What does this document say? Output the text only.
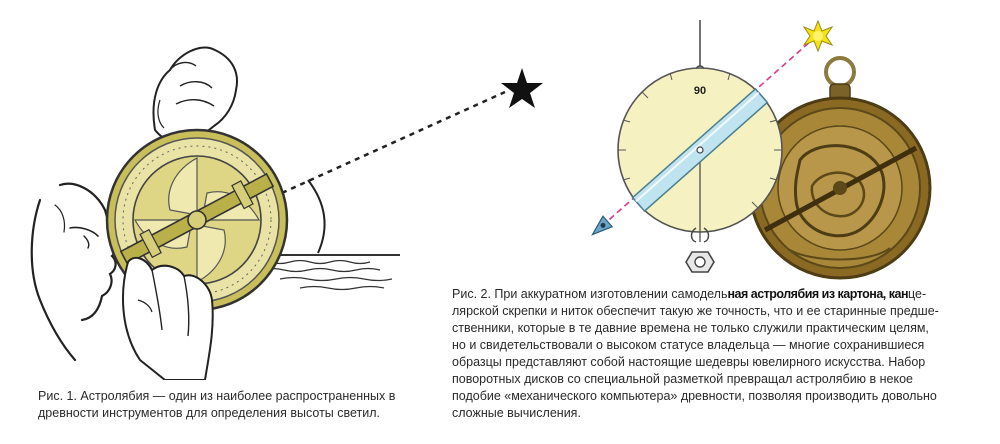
Рис. 1. Астролябия — один из наиболее распространенных в
древности инструментов для определения высоты светил.
90
Рис. 2. При аккуратном изготовлении самодельная астролябия из картона, канце-
лярской скрепки и ниток обеспечит такую же точность, что и ее старинные предше-
ственники, которые в те давние времена не только служили практическим целям,
но и свидетельствовали о высоком статусе владельца — многие сохранившиеся
образцы представляют собой настоящие шедевры ювелирного искусства. Набор
поворотных дисков со специальной разметкой превращал астролябию в некое
подобие «механического компьютера» древности, позволяя производить довольно
сложные вычисления.
